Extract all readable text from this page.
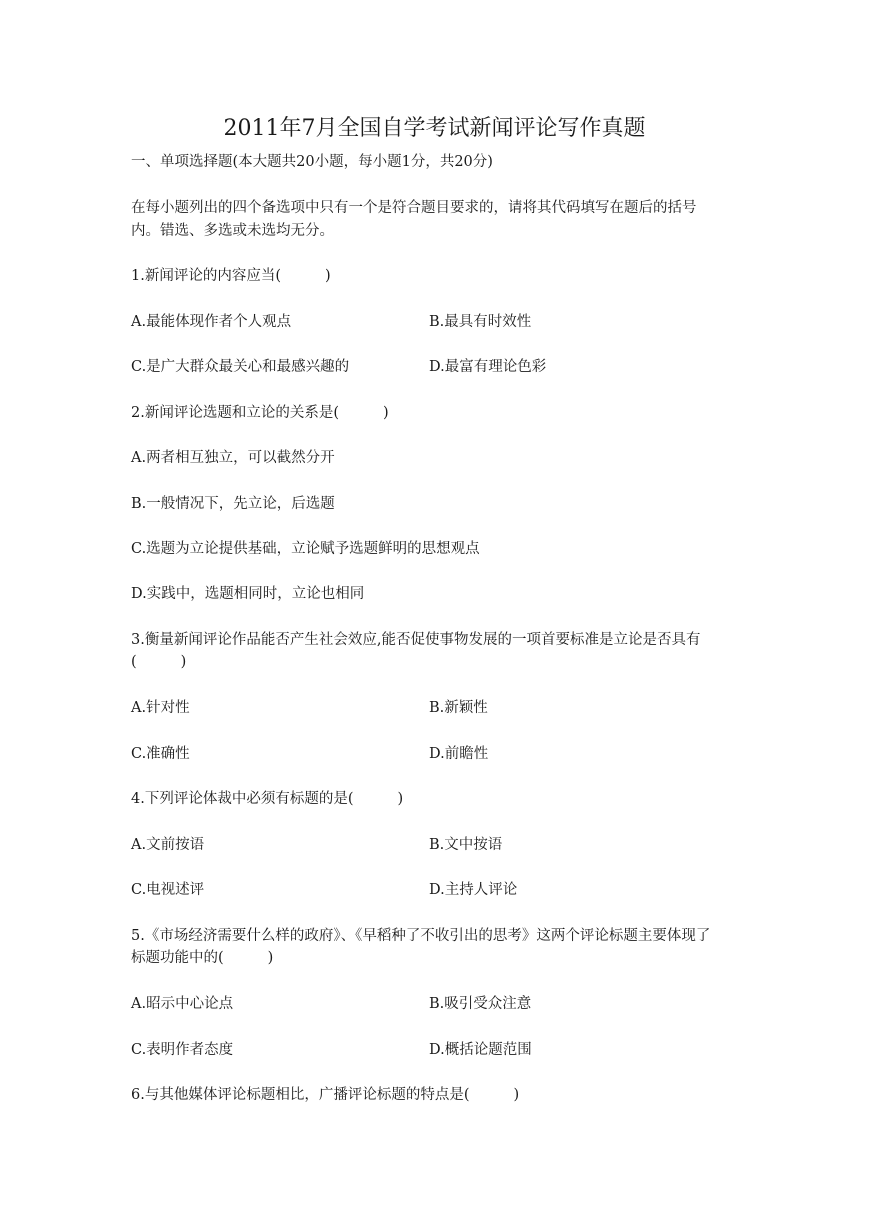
2011年7月全国自学考试新闻评论写作真题
一、单项选择题(本大题共20小题，每小题1分，共20分)
在每小题列出的四个备选项中只有一个是符合题目要求的，请将其代码填写在题后的括号
内。错选、多选或未选均无分。
1.新闻评论的内容应当(	)
A.最能体现作者个人观点	B.最具有时效性
C.是广大群众最关心和最感兴趣的	D.最富有理论色彩
2.新闻评论选题和立论的关系是(	)
A.两者相互独立，可以截然分开
B.一般情况下，先立论，后选题
C.选题为立论提供基础，立论赋予选题鲜明的思想观点
D.实践中，选题相同时，立论也相同
3.衡量新闻评论作品能否产生社会效应,能否促使事物发展的一项首要标准是立论是否具有
(	)
A.针对性	B.新颖性
C.准确性	D.前瞻性
4.下列评论体裁中必须有标题的是(	)
A.文前按语	B.文中按语
C.电视述评	D.主持人评论
5.《市场经济需要什么样的政府》、《早稻种了不收引出的思考》这两个评论标题主要体现了
标题功能中的(	)
A.昭示中心论点	B.吸引受众注意
C.表明作者态度	D.概括论题范围
6.与其他媒体评论标题相比，广播评论标题的特点是(	)
